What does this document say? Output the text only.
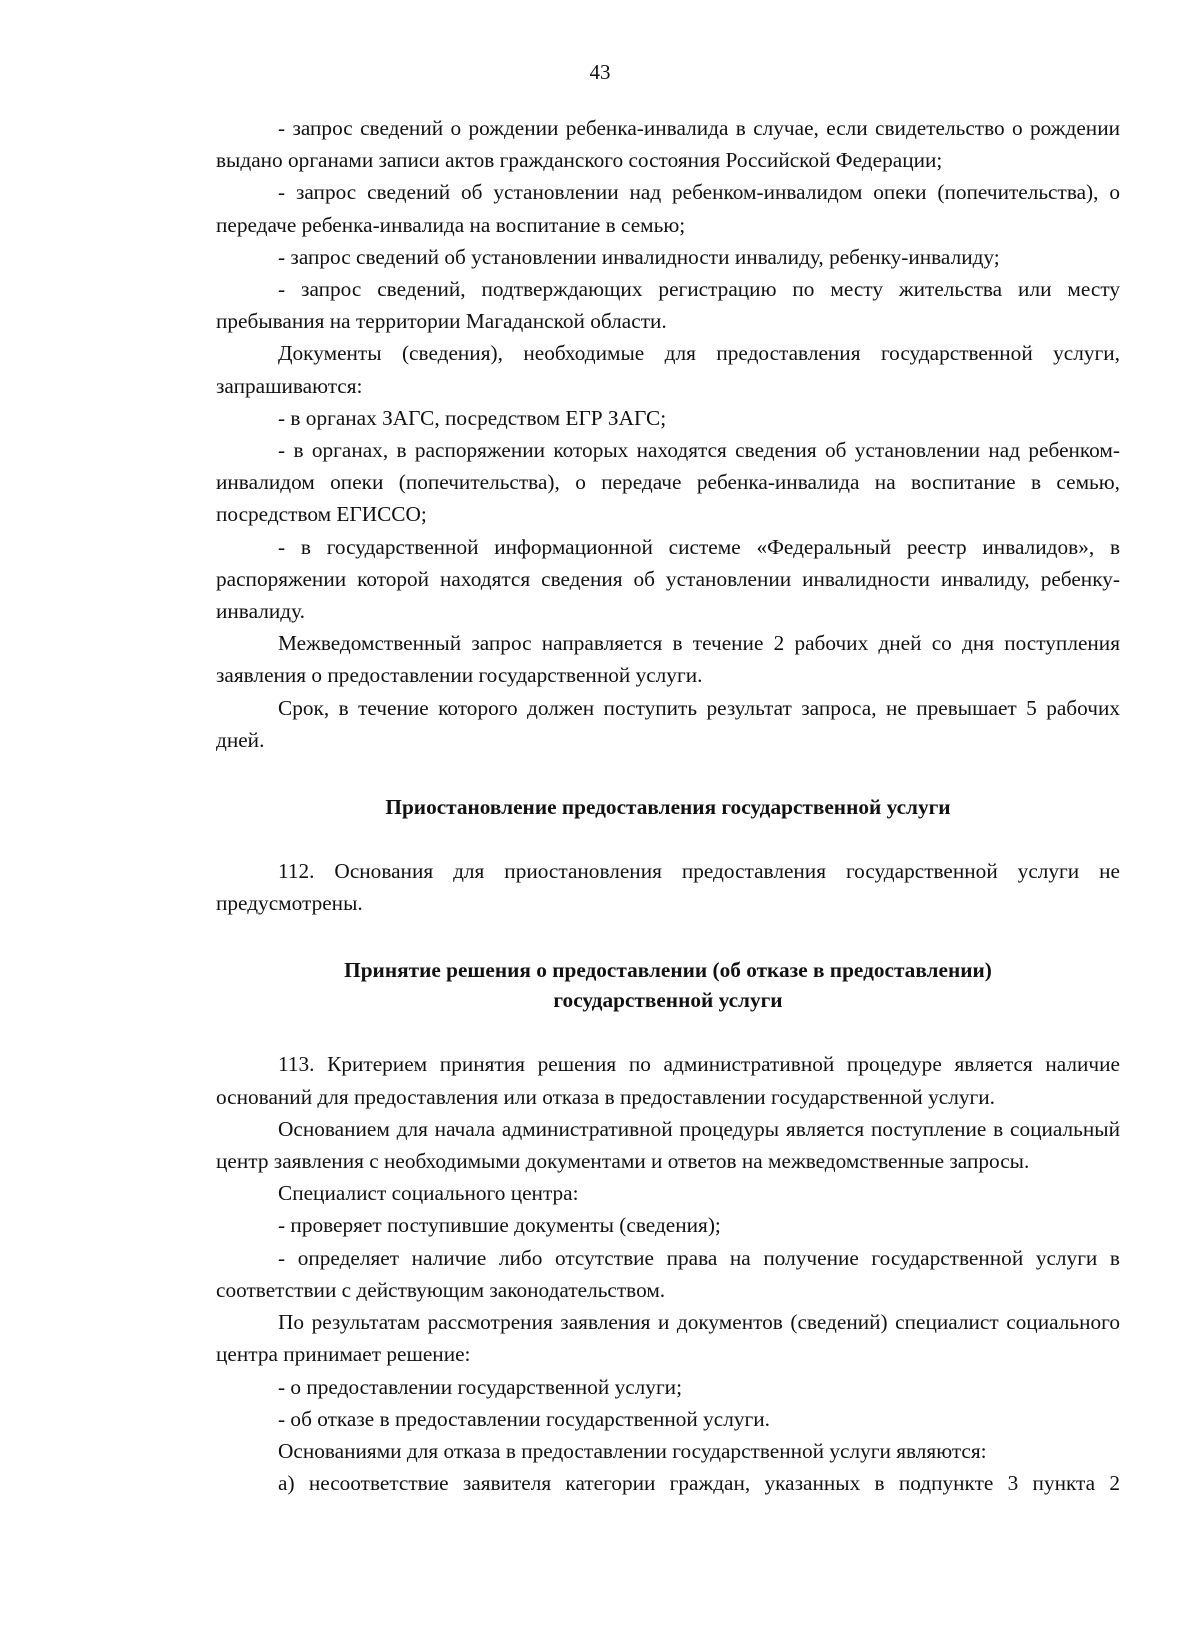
43

- запрос сведений о рождении ребенка-инвалида в случае, если свидетельство о рождении выдано органами записи актов гражданского состояния Российской Федерации;

- запрос сведений об установлении над ребенком-инвалидом опеки (попечительства), о передаче ребенка-инвалида на воспитание в семью;

- запрос сведений об установлении инвалидности инвалиду, ребенку-инвалиду;

- запрос сведений, подтверждающих регистрацию по месту жительства или месту пребывания на территории Магаданской области.

Документы (сведения), необходимые для предоставления государственной услуги, запрашиваются:

- в органах ЗАГС, посредством ЕГР ЗАГС;

- в органах, в распоряжении которых находятся сведения об установлении над ребенком-инвалидом опеки (попечительства), о передаче ребенка-инвалида на воспитание в семью, посредством ЕГИССО;

- в государственной информационной системе «Федеральный реестр инвалидов», в распоряжении которой находятся сведения об установлении инвалидности инвалиду, ребенку-инвалиду.

Межведомственный запрос направляется в течение 2 рабочих дней со дня поступления заявления о предоставлении государственной услуги.

Срок, в течение которого должен поступить результат запроса, не превышает 5 рабочих дней.

Приостановление предоставления государственной услуги

112. Основания для приостановления предоставления государственной услуги не предусмотрены.

Принятие решения о предоставлении (об отказе в предоставлении)
государственной услуги

113. Критерием принятия решения по административной процедуре является наличие оснований для предоставления или отказа в предоставлении государственной услуги.

Основанием для начала административной процедуры является поступление в социальный центр заявления с необходимыми документами и ответов на межведомственные запросы.

Специалист социального центра:

- проверяет поступившие документы (сведения);

- определяет наличие либо отсутствие права на получение государственной услуги в соответствии с действующим законодательством.

По результатам рассмотрения заявления и документов (сведений) специалист социального центра принимает решение:

- о предоставлении государственной услуги;

- об отказе в предоставлении государственной услуги.

Основаниями для отказа в предоставлении государственной услуги являются:

а) несоответствие заявителя категории граждан, указанных в подпункте 3 пункта 2
